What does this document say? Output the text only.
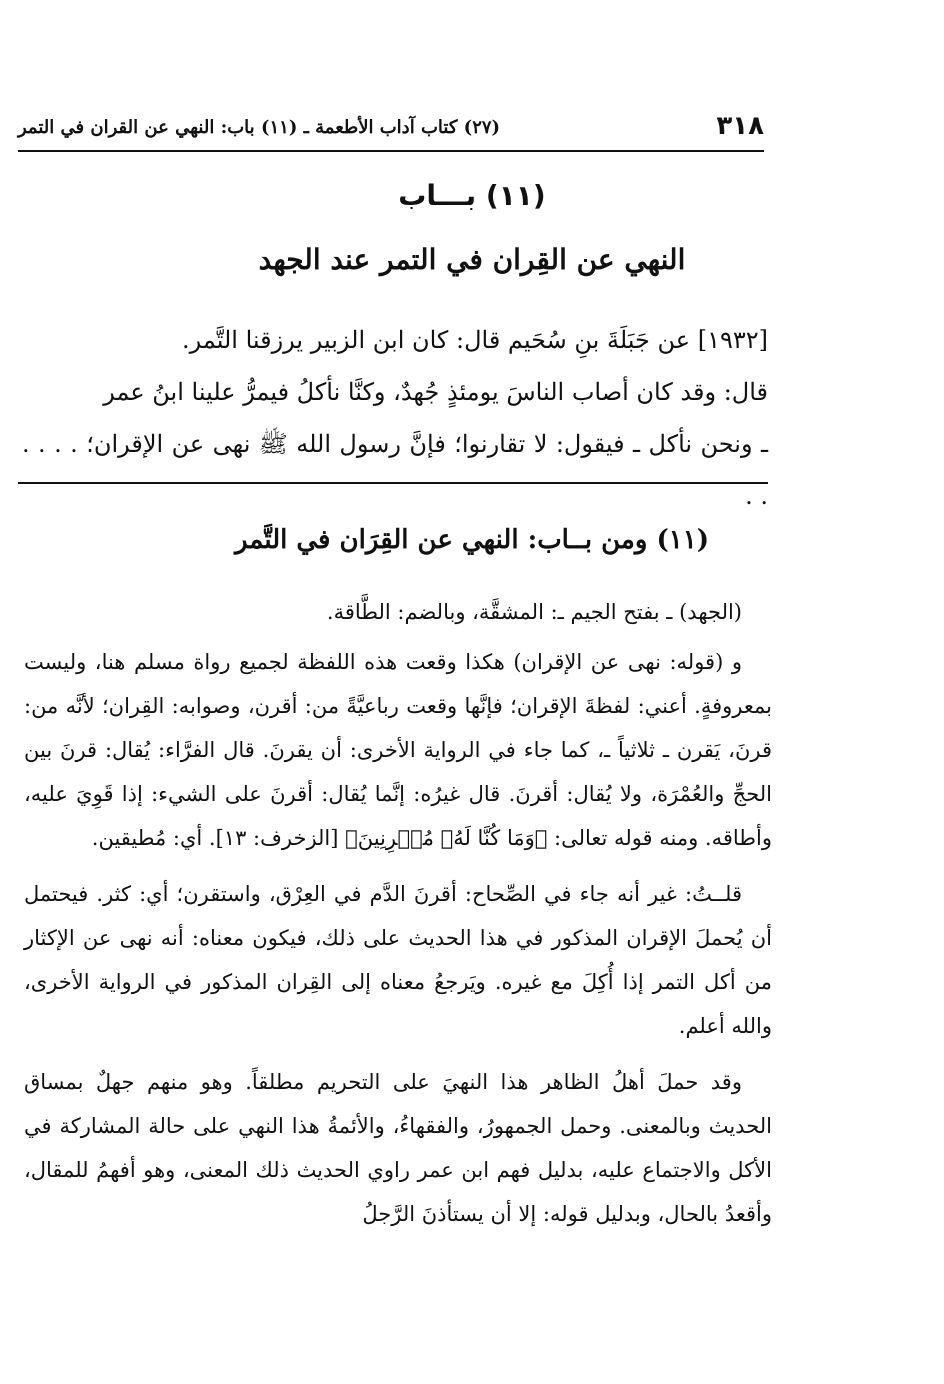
٣١٨
(٢٧) كتاب آداب الأطعمة ـ (١١) باب: النهي عن القران في التمر
(١١) بـــاب
النهي عن القِران في التمر عند الجهد

[١٩٣٢] عن جَبَلَةَ بنِ سُحَيم قال: كان ابن الزبير يرزقنا التَّمر.

قال: وقد كان أصاب الناسَ يومئذٍ جُهدٌ، وكنَّا نأكلُ فيمرُّ علينا ابنُ عمر

ـ ونحن نأكل ـ فيقول: لا تقارنوا؛ فإنَّ رسول الله ﷺ نهى عن الإقران؛ . . . . . .

(١١) ومن بــاب: النهي عن القِرَان في التَّمر

(الجهد) ـ بفتح الجيم ـ: المشقَّة، وبالضم: الطَّاقة.

و (قوله: نهى عن الإقران) هكذا وقعت هذه اللفظة لجميع رواة مسلم هنا، وليست بمعروفةٍ. أعني: لفظةَ الإقران؛ فإنَّها وقعت رباعيَّةً من: أقرن، وصوابه: القِران؛ لأنَّه من: قرنَ، يَقرن ـ ثلاثياً ـ، كما جاء في الرواية الأخرى: أن يقرنَ. قال الفرَّاء: يُقال: قرنَ بين الحجِّ والعُمْرَة، ولا يُقال: أقرنَ. قال غيرُه: إنَّما يُقال: أقرنَ على الشيء: إذا قَوِيَ عليه، وأطاقه. ومنه قوله تعالى: ﴿وَمَا كُنَّا لَهُۥ مُقۡرِنِينَ﴾ [الزخرف: ١٣]. أي: مُطيقين.

قلــتُ: غير أنه جاء في الصِّحاح: أقرنَ الدَّم في العِرْق، واستقرن؛ أي: كثر. فيحتمل أن يُحملَ الإقران المذكور في هذا الحديث على ذلك، فيكون معناه: أنه نهى عن الإكثار من أكل التمر إذا أُكِلَ مع غيره. ويَرجعُ معناه إلى القِران المذكور في الرواية الأخرى، والله أعلم.

وقد حملَ أهلُ الظاهر هذا النهيَ على التحريم مطلقاً. وهو منهم جهلٌ بمساق الحديث وبالمعنى. وحمل الجمهورُ، والفقهاءُ، والأئمةُ هذا النهي على حالة المشاركة في الأكل والاجتماع عليه، بدليل فهم ابن عمر راوي الحديث ذلك المعنى، وهو أفهمُ للمقال، وأقعدُ بالحال، وبدليل قوله: إلا أن يستأذنَ الرَّجلُ
